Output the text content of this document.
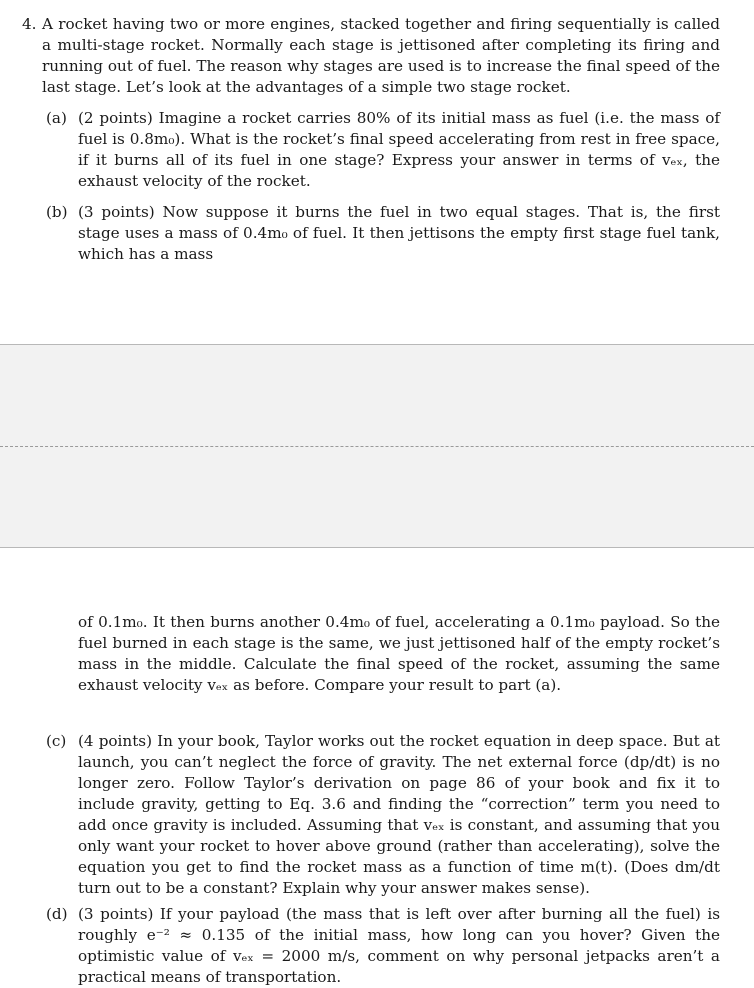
4. A rocket having two or more engines, stacked together and firing sequentially is called a multi-stage rocket. Normally each stage is jettisoned after completing its firing and running out of fuel. The reason why stages are used is to increase the final speed of the last stage. Let’s look at the advantages of a simple two stage rocket.
(a) (2 points) Imagine a rocket carries 80% of its initial mass as fuel (i.e. the mass of fuel is 0.8m₀). What is the rocket’s final speed accelerating from rest in free space, if it burns all of its fuel in one stage? Express your answer in terms of vₑₓ, the exhaust velocity of the rocket.
(b) (3 points) Now suppose it burns the fuel in two equal stages. That is, the first stage uses a mass of 0.4m₀ of fuel. It then jettisons the empty first stage fuel tank, which has a mass
of 0.1m₀. It then burns another 0.4m₀ of fuel, accelerating a 0.1m₀ payload. So the fuel burned in each stage is the same, we just jettisoned half of the empty rocket’s mass in the middle. Calculate the final speed of the rocket, assuming the same exhaust velocity vₑₓ as before. Compare your result to part (a).
(c) (4 points) In your book, Taylor works out the rocket equation in deep space. But at launch, you can’t neglect the force of gravity. The net external force (dp/dt) is no longer zero. Follow Taylor’s derivation on page 86 of your book and fix it to include gravity, getting to Eq. 3.6 and finding the “correction” term you need to add once gravity is included. Assuming that vₑₓ is constant, and assuming that you only want your rocket to hover above ground (rather than accelerating), solve the equation you get to find the rocket mass as a function of time m(t). (Does dm/dt turn out to be a constant? Explain why your answer makes sense).
(d) (3 points) If your payload (the mass that is left over after burning all the fuel) is roughly e⁻² ≈ 0.135 of the initial mass, how long can you hover? Given the optimistic value of vₑₓ = 2000 m/s, comment on why personal jetpacks aren’t a practical means of transportation.
